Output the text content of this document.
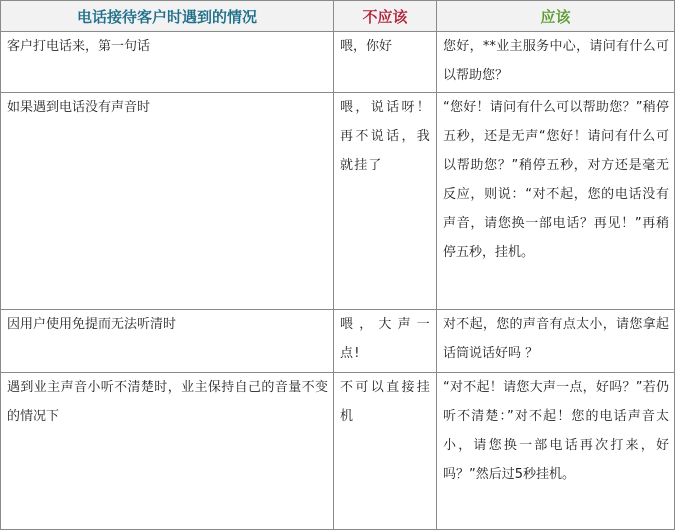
电话接待客户时遇到的情况	不应该	应该
客户打电话来，第一句话	喂，你好	您好，**业主服务中心，请问有什么可以帮助您？
如果遇到电话没有声音时	喂，说话呀！再不说话，我就挂了	“您好！请问有什么可以帮助您？”稍停五秒，还是无声“您好！请问有什么可以帮助您？”稍停五秒，对方还是毫无反应，则说：“对不起，您的电话没有声音，请您换一部电话？再见！”再稍停五秒，挂机。
因用户使用免提而无法听清时	喂，大声一点!	对不起，您的声音有点太小，请您拿起话筒说话好吗 ？
遇到业主声音小听不清楚时，业主保持自己的音量不变的情况下	不可以直接挂机	“对不起！请您大声一点，好吗？”若仍听不清楚：”对不起！您的电话声音太小，请您换一部电话再次打来，好吗？”然后过5秒挂机。
